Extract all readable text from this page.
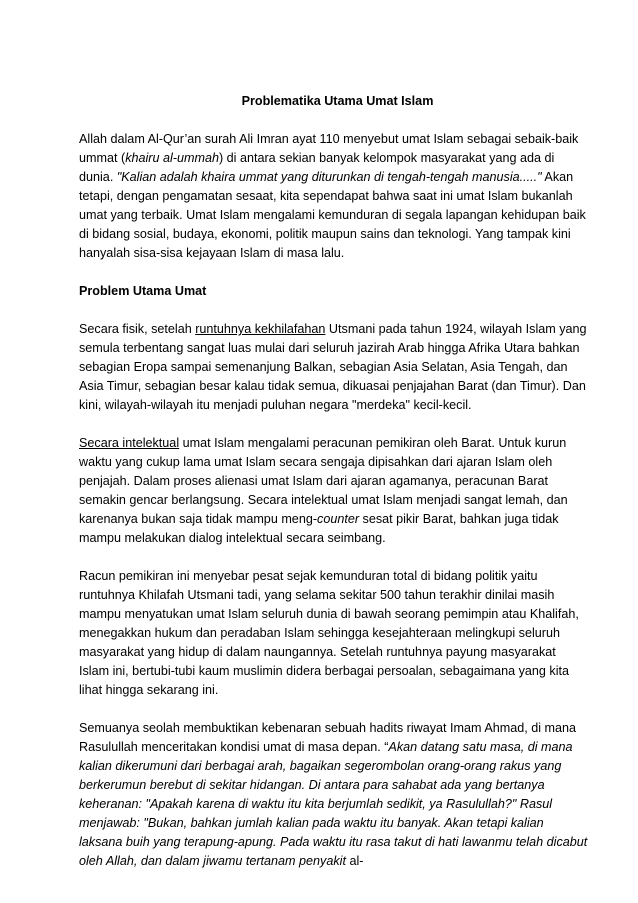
Problematika Utama Umat Islam

Allah dalam Al-Qur’an surah Ali Imran ayat 110 menyebut umat Islam sebagai sebaik-baik ummat (khairu al-ummah) di antara sekian banyak kelompok masyarakat yang ada di dunia. "Kalian adalah khaira ummat yang diturunkan di tengah-tengah manusia....." Akan tetapi, dengan pengamatan sesaat, kita sependapat bahwa saat ini umat Islam bukanlah umat yang terbaik. Umat Islam mengalami kemunduran di segala lapangan kehidupan baik di bidang sosial, budaya, ekonomi, politik maupun sains dan teknologi. Yang tampak kini hanyalah sisa-sisa kejayaan Islam di masa lalu.

Problem Utama Umat

Secara fisik, setelah runtuhnya kekhilafahan Utsmani pada tahun 1924, wilayah Islam yang semula terbentang sangat luas mulai dari seluruh jazirah Arab hingga Afrika Utara bahkan sebagian Eropa sampai semenanjung Balkan, sebagian Asia Selatan, Asia Tengah, dan Asia Timur, sebagian besar kalau tidak semua, dikuasai penjajahan Barat (dan Timur). Dan kini, wilayah-wilayah itu menjadi puluhan negara "merdeka" kecil-kecil.

Secara intelektual umat Islam mengalami peracunan pemikiran oleh Barat. Untuk kurun waktu yang cukup lama umat Islam secara sengaja dipisahkan dari ajaran Islam oleh penjajah. Dalam proses alienasi umat Islam dari ajaran agamanya, peracunan Barat semakin gencar berlangsung. Secara intelektual umat Islam menjadi sangat lemah, dan karenanya bukan saja tidak mampu meng-counter sesat pikir Barat, bahkan juga tidak mampu melakukan dialog intelektual secara seimbang.

Racun pemikiran ini menyebar pesat sejak kemunduran total di bidang politik yaitu runtuhnya Khilafah Utsmani tadi, yang selama sekitar 500 tahun terakhir dinilai masih mampu menyatukan umat Islam seluruh dunia di bawah seorang pemimpin atau Khalifah, menegakkan hukum dan peradaban Islam sehingga kesejahteraan melingkupi seluruh masyarakat yang hidup di dalam naungannya. Setelah runtuhnya payung masyarakat Islam ini, bertubi-tubi kaum muslimin didera berbagai persoalan, sebagaimana yang kita lihat hingga sekarang ini.

Semuanya seolah membuktikan kebenaran sebuah hadits riwayat Imam Ahmad, di mana Rasulullah menceritakan kondisi umat di masa depan. “Akan datang satu masa, di mana kalian dikerumuni dari berbagai arah, bagaikan segerombolan orang-orang rakus yang berkerumun berebut di sekitar hidangan. Di antara para sahabat ada yang bertanya keheranan: "Apakah karena di waktu itu kita berjumlah sedikit, ya Rasulullah?" Rasul menjawab: "Bukan, bahkan jumlah kalian pada waktu itu banyak. Akan tetapi kalian laksana buih yang terapung-apung. Pada waktu itu rasa takut di hati lawanmu telah dicabut oleh Allah, dan dalam jiwamu tertanam penyakit al-
